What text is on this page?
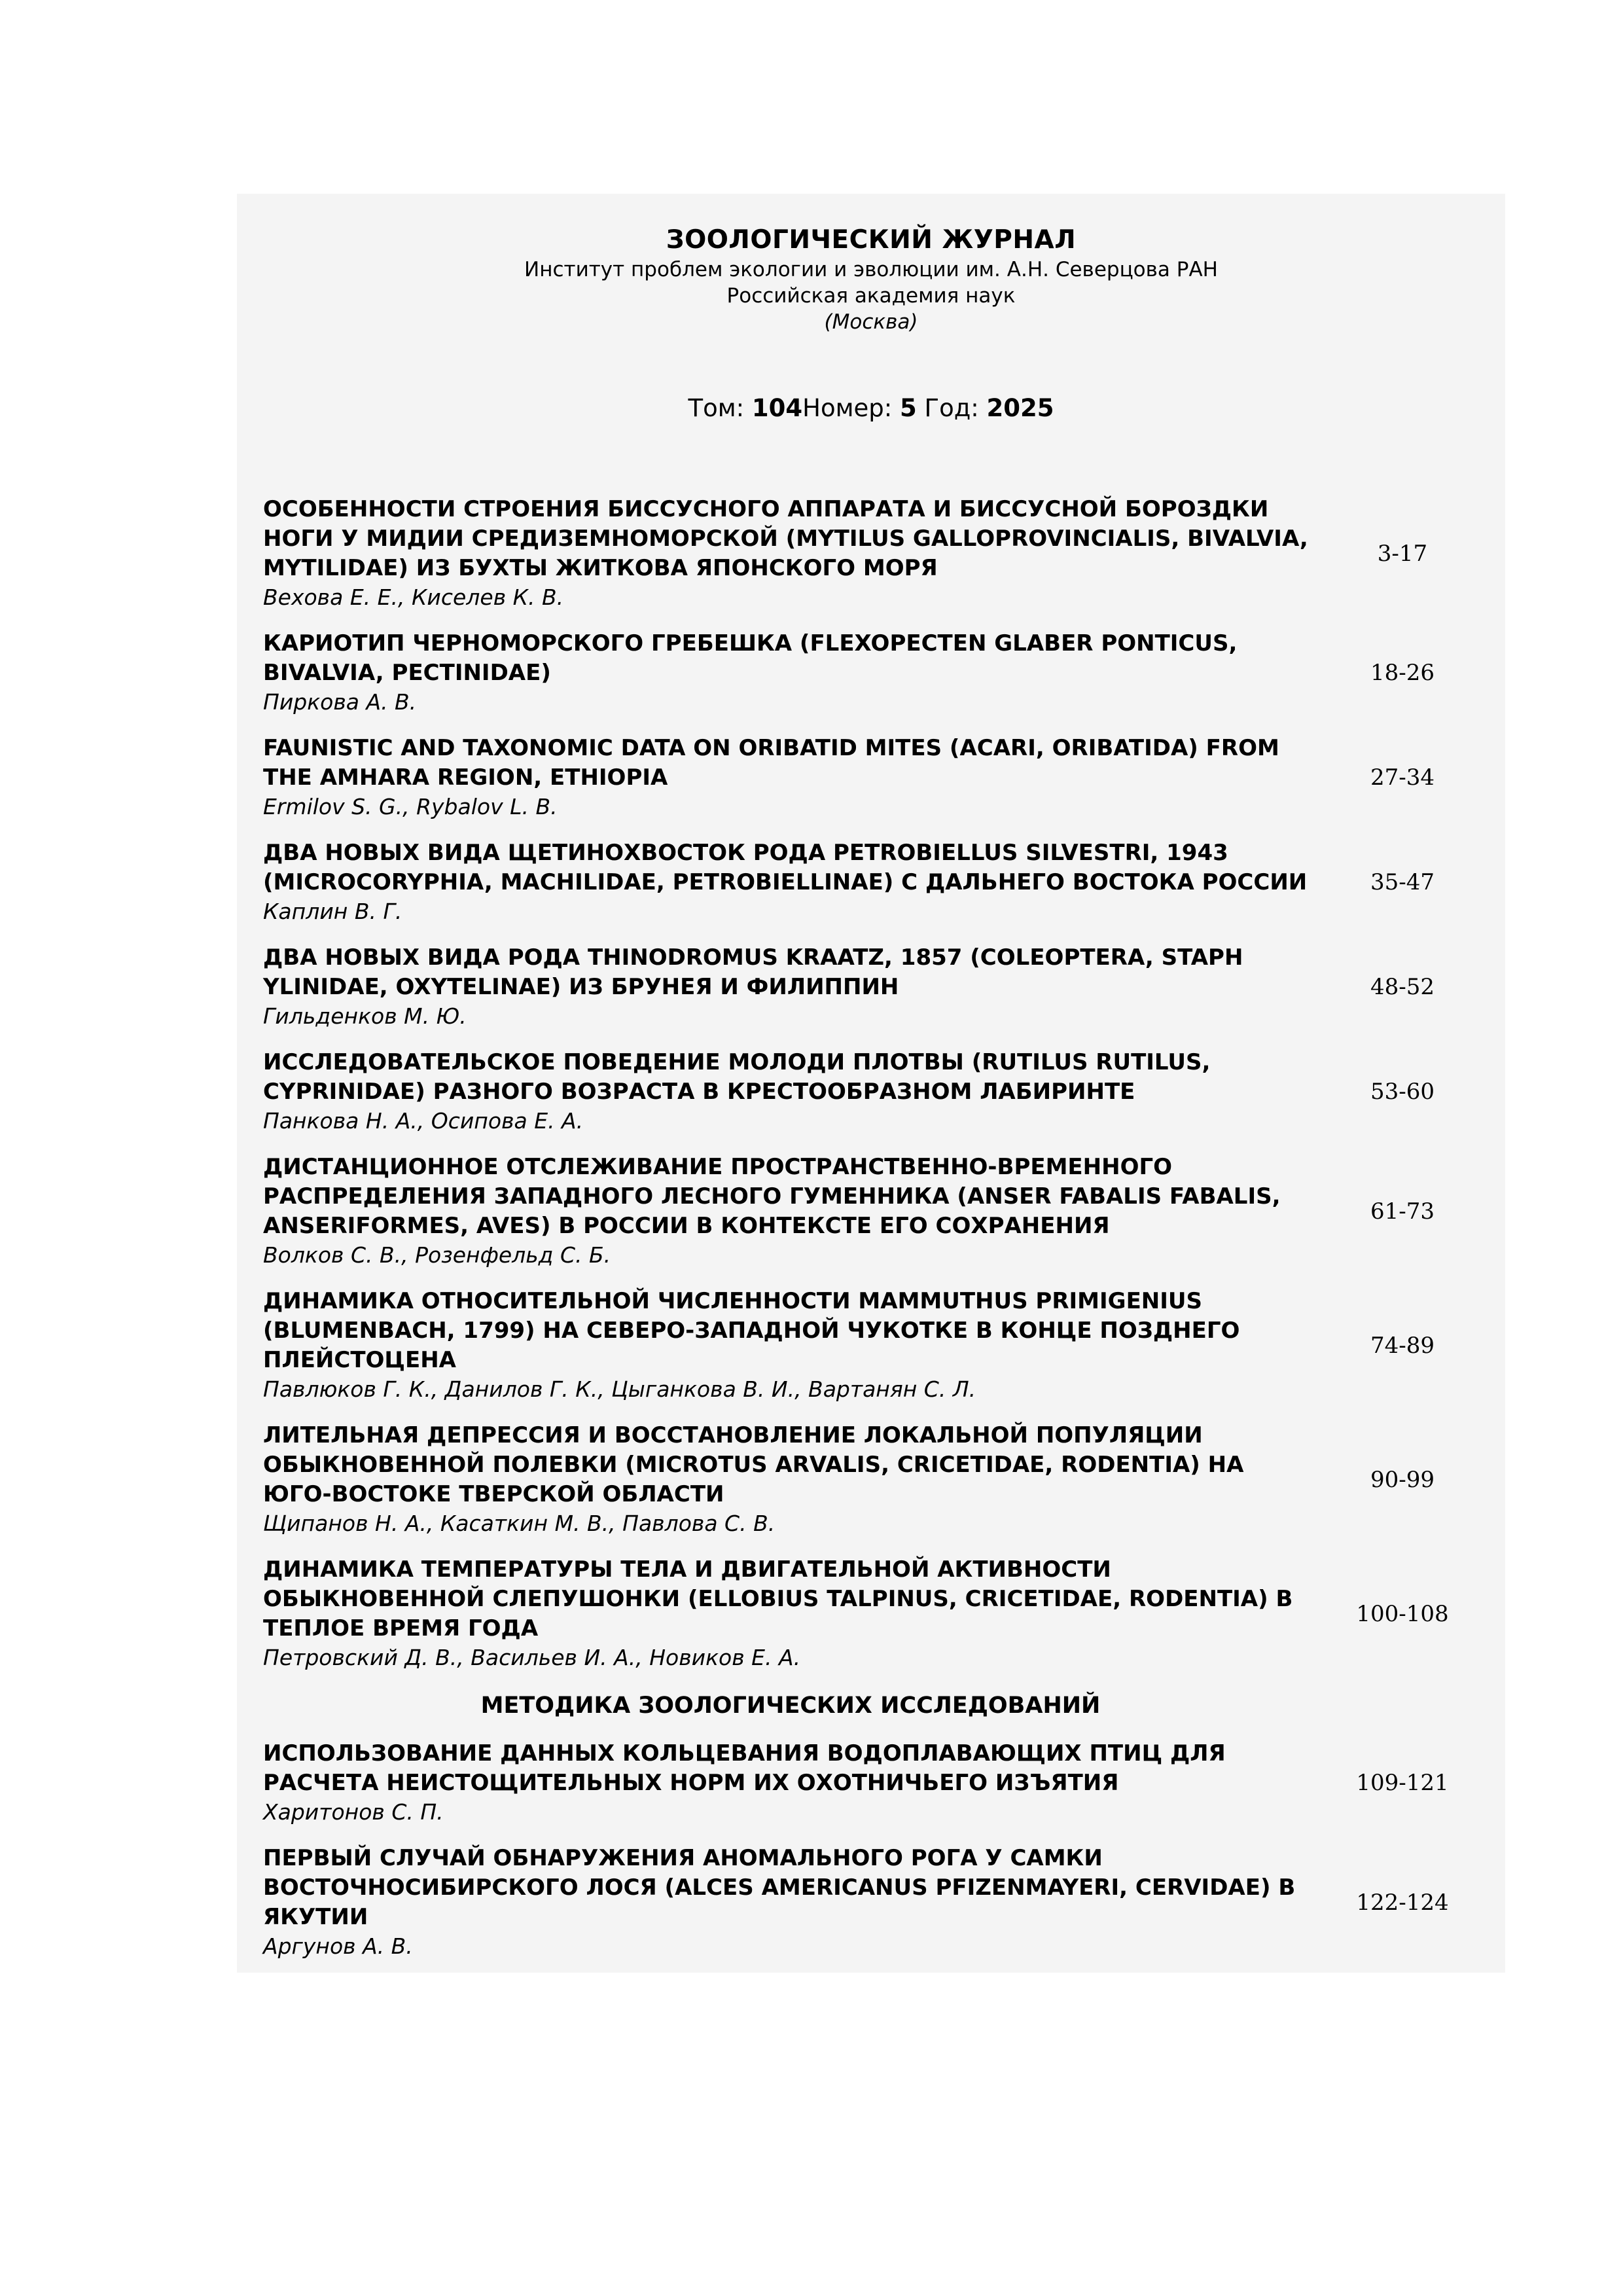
ЗООЛОГИЧЕСКИЙ ЖУРНАЛ
Институт проблем экологии и эволюции им. А.Н. Северцова РАН
Российская академия наук
(Москва)
Том: 104Номер: 5 Год: 2025
ОСОБЕННОСТИ СТРОЕНИЯ БИССУСНОГО АППАРАТА И БИССУСНОЙ БОРОЗДКИ
НОГИ У МИДИИ СРЕДИЗЕМНОМОРСКОЙ (MYTILUS GALLOPROVINCIALIS, BIVALVIA,
MYTILIDAE) ИЗ БУХТЫ ЖИТКОВА ЯПОНСКОГО МОРЯ
Вехова Е. Е., Киселев К. В.
3-17
КАРИОТИП ЧЕРНОМОРСКОГО ГРЕБЕШКА (FLEXOPECTEN GLABER PONTICUS,
BIVALVIA, PECTINIDAE)
Пиркова А. В.
18-26
FAUNISTIC AND TAXONOMIC DATA ON ORIBATID MITES (ACARI, ORIBATIDA) FROM
THE AMHARA REGION, ETHIOPIA
Ermilov S. G., Rybalov L. B.
27-34
ДВА НОВЫХ ВИДА ЩЕТИНОХВОСТОК РОДА PETROBIELLUS SILVESTRI, 1943
(MICROCORYPHIA, MACHILIDAE, PETROBIELLINAE) С ДАЛЬНЕГО ВОСТОКА РОССИИ
Каплин В. Г.
35-47
ДВА НОВЫХ ВИДА РОДА THINODROMUS KRAATZ, 1857 (COLEOPTERA, STAPH
YLINIDAE, OXYTELINAE) ИЗ БРУНЕЯ И ФИЛИППИН
Гильденков М. Ю.
48-52
ИССЛЕДОВАТЕЛЬСКОЕ ПОВЕДЕНИЕ МОЛОДИ ПЛОТВЫ (RUTILUS RUTILUS,
CYPRINIDAE) РАЗНОГО ВОЗРАСТА В КРЕСТООБРАЗНОМ ЛАБИРИНТЕ
Панкова Н. А., Осипова Е. А.
53-60
ДИСТАНЦИОННОЕ ОТСЛЕЖИВАНИЕ ПРОСТРАНСТВЕННО-ВРЕМЕННОГО
РАСПРЕДЕЛЕНИЯ ЗАПАДНОГО ЛЕСНОГО ГУМЕННИКА (ANSER FABALIS FABALIS,
ANSERIFORMES, AVES) В РОССИИ В КОНТЕКСТЕ ЕГО СОХРАНЕНИЯ
Волков С. В., Розенфельд С. Б.
61-73
ДИНАМИКА ОТНОСИТЕЛЬНОЙ ЧИСЛЕННОСТИ MAMMUTHUS PRIMIGENIUS
(BLUMENBACH, 1799) НА СЕВЕРО-ЗАПАДНОЙ ЧУКОТКЕ В КОНЦЕ ПОЗДНЕГО
ПЛЕЙСТОЦЕНА
Павлюков Г. К., Данилов Г. К., Цыганкова В. И., Вартанян С. Л.
74-89
ЛИТЕЛЬНАЯ ДЕПРЕССИЯ И ВОССТАНОВЛЕНИЕ ЛОКАЛЬНОЙ ПОПУЛЯЦИИ
ОБЫКНОВЕННОЙ ПОЛЕВКИ (MICROTUS ARVALIS, CRICETIDAE, RODENTIA) НА
ЮГО-ВОСТОКЕ ТВЕРСКОЙ ОБЛАСТИ
Щипанов Н. А., Касаткин М. В., Павлова С. В.
90-99
ДИНАМИКА ТЕМПЕРАТУРЫ ТЕЛА И ДВИГАТЕЛЬНОЙ АКТИВНОСТИ
ОБЫКНОВЕННОЙ СЛЕПУШОНКИ (ELLOBIUS TALPINUS, CRICETIDAE, RODENTIA) В
ТЕПЛОЕ ВРЕМЯ ГОДА
Петровский Д. В., Васильев И. А., Новиков Е. А.
100-108
МЕТОДИКА ЗООЛОГИЧЕСКИХ ИССЛЕДОВАНИЙ
ИСПОЛЬЗОВАНИЕ ДАННЫХ КОЛЬЦЕВАНИЯ ВОДОПЛАВАЮЩИХ ПТИЦ ДЛЯ
РАСЧЕТА НЕИСТОЩИТЕЛЬНЫХ НОРМ ИХ ОХОТНИЧЬЕГО ИЗЪЯТИЯ
Харитонов С. П.
109-121
ПЕРВЫЙ СЛУЧАЙ ОБНАРУЖЕНИЯ АНОМАЛЬНОГО РОГА У САМКИ
ВОСТОЧНОСИБИРСКОГО ЛОСЯ (ALCES AMERICANUS PFIZENMAYERI, CERVIDAE) В
ЯКУТИИ
Аргунов А. В.
122-124
